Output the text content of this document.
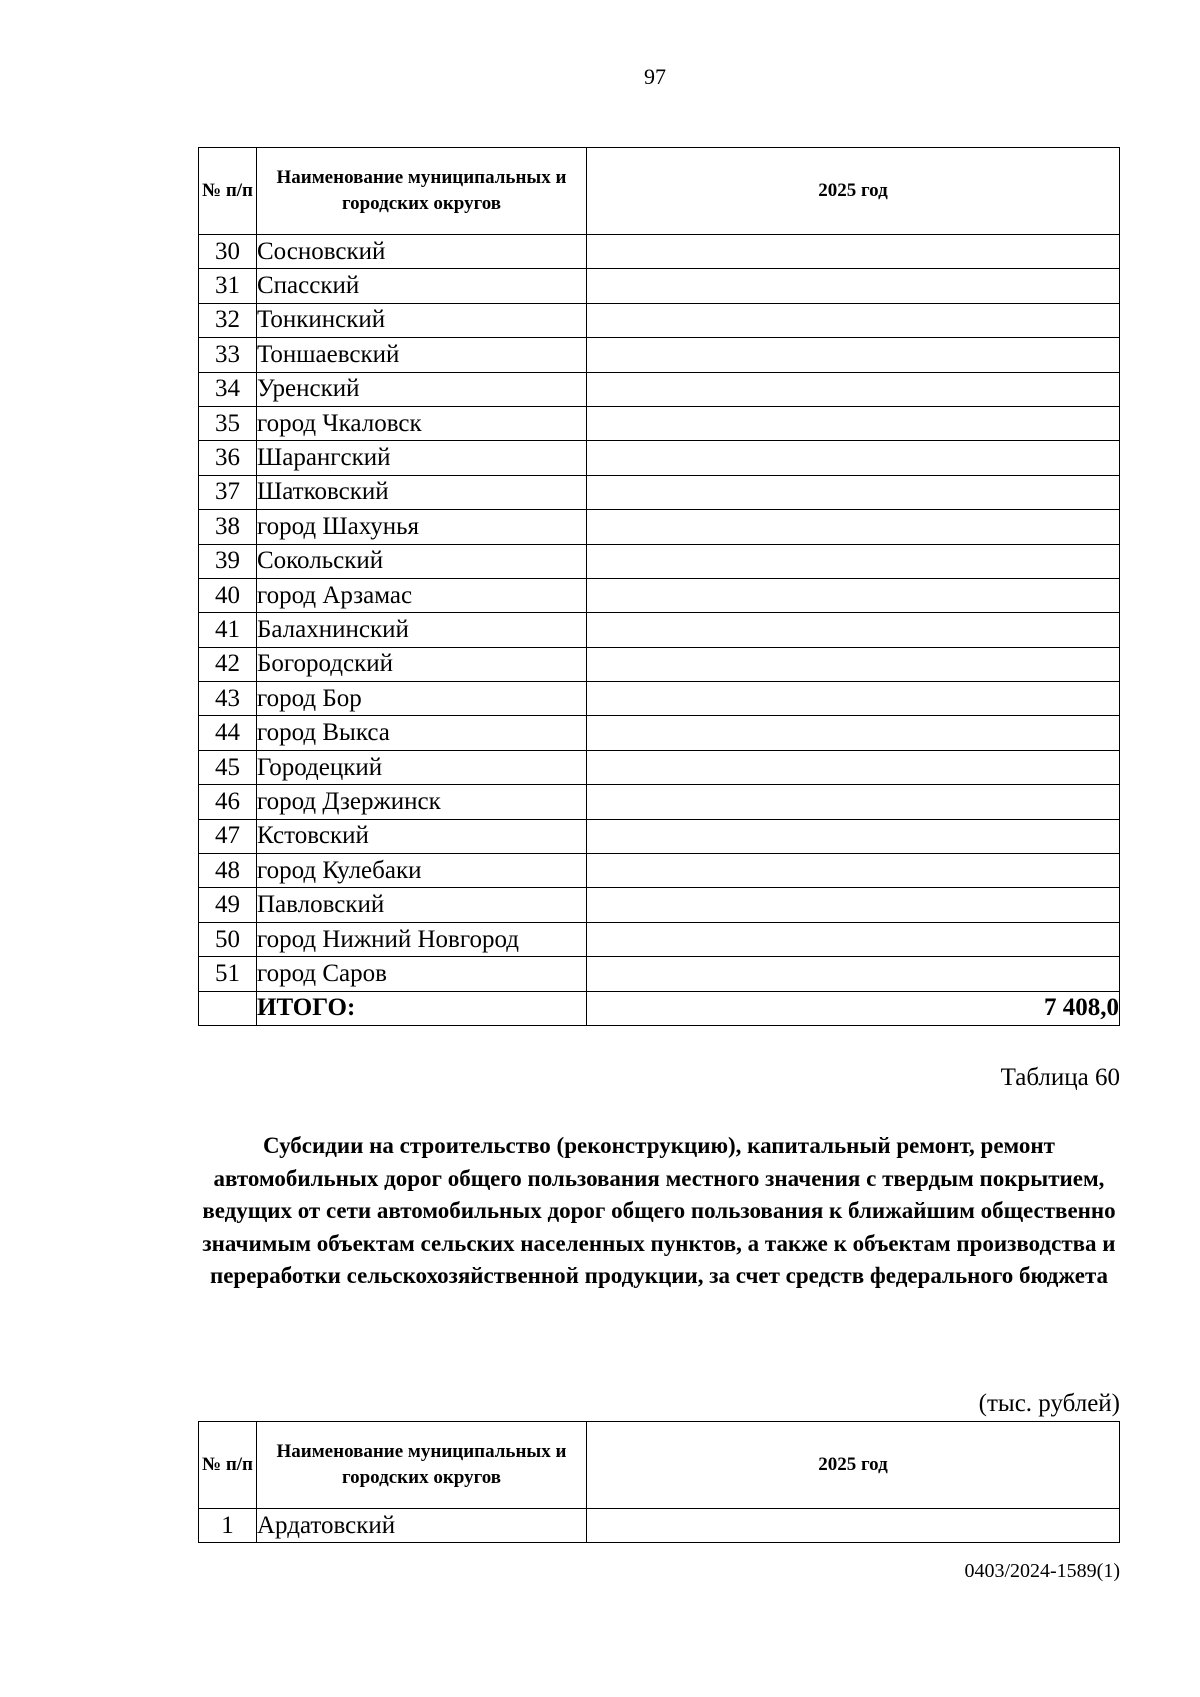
97
№ п/п	Наименование муниципальных и городских округов	2025 год
30	Сосновский	
31	Спасский	
32	Тонкинский	
33	Тоншаевский	
34	Уренский	
35	город Чкаловск	
36	Шарангский	
37	Шатковский	
38	город Шахунья	
39	Сокольский	
40	город Арзамас	
41	Балахнинский	
42	Богородский	
43	город Бор	
44	город Выкса	
45	Городецкий	
46	город Дзержинск	
47	Кстовский	
48	город Кулебаки	
49	Павловский	
50	город Нижний Новгород	
51	город Саров	
	ИТОГО:	7 408,0
Таблица 60
Субсидии на строительство (реконструкцию), капитальный ремонт, ремонт автомобильных дорог общего пользования местного значения с твердым покрытием, ведущих от сети автомобильных дорог общего пользования к ближайшим общественно значимым объектам сельских населенных пунктов, а также к объектам производства и переработки сельскохозяйственной продукции, за счет средств федерального бюджета
(тыс. рублей)
№ п/п	Наименование муниципальных и городских округов	2025 год
1	Ардатовский	
0403/2024-1589(1)
